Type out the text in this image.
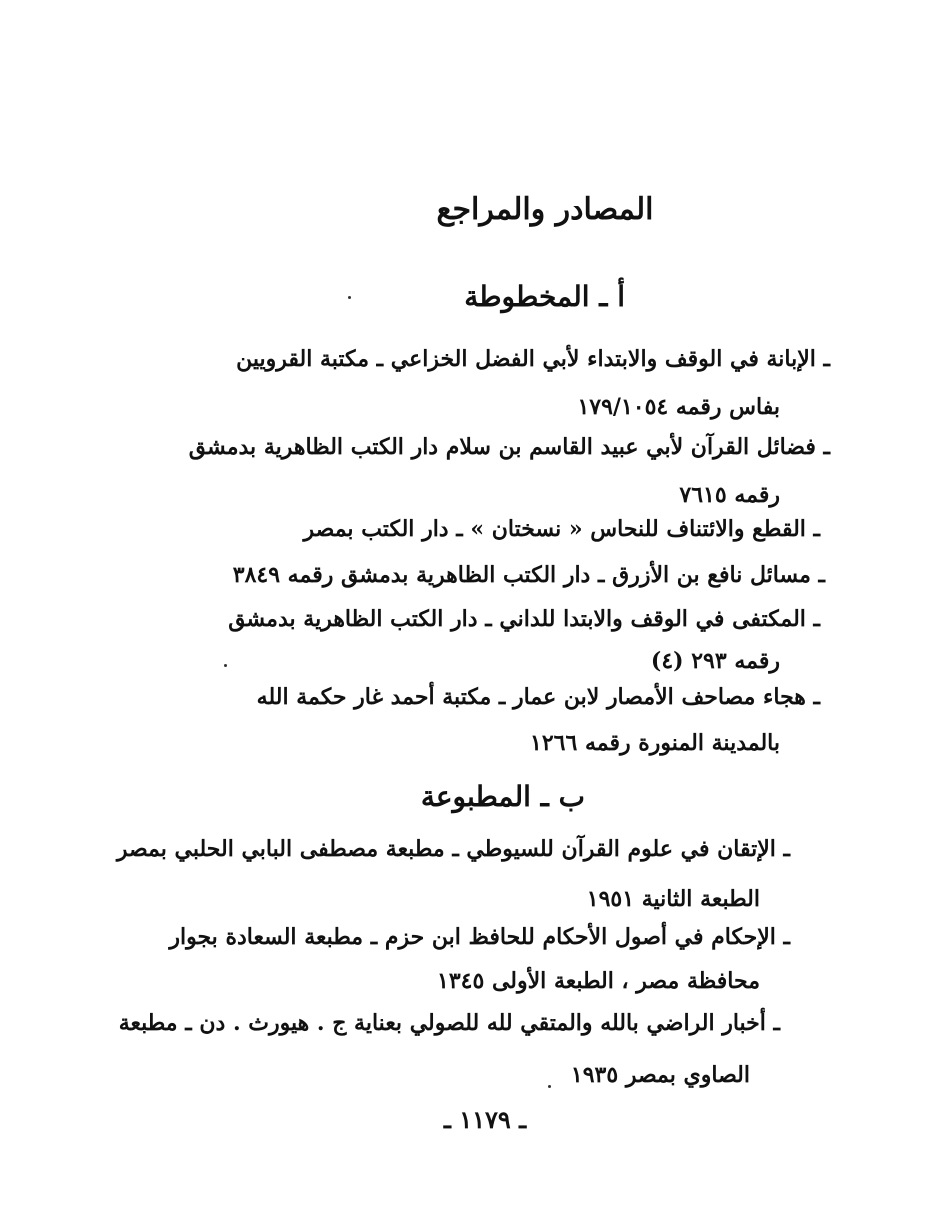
المصادر والمراجع
أ ـ المخطوطة

ـ الإبانة في الوقف والابتداء لأبي الفضل الخزاعي ـ مكتبة القرويين

بفاس رقمه ١٧٩/١٠٥٤

ـ فضائل القرآن لأبي عبيد القاسم بن سلام دار الكتب الظاهرية بدمشق

رقمه ٧٦١٥

ـ القطع والائتناف للنحاس « نسختان » ـ دار الكتب بمصر

ـ مسائل نافع بن الأزرق ـ دار الكتب الظاهرية بدمشق رقمه ٣٨٤٩

ـ المكتفى في الوقف والابتدا للداني ـ دار الكتب الظاهرية بدمشق

رقمه ٢٩٣ (٤)

ـ هجاء مصاحف الأمصار لابن عمار ـ مكتبة أحمد غار حكمة الله

بالمدينة المنورة رقمه ١٢٦٦

ب ـ المطبوعة

ـ الإتقان في علوم القرآن للسيوطي ـ مطبعة مصطفى البابي الحلبي بمصر

الطبعة الثانية ١٩٥١

ـ الإحكام في أصول الأحكام للحافظ ابن حزم ـ مطبعة السعادة بجوار

محافظة مصر ، الطبعة الأولى ١٣٤٥

ـ أخبار الراضي بالله والمتقي لله للصولي بعناية ج . هيورث . دن ـ مطبعة

الصاوي بمصر ١٩٣٥

ـ ١١٧٩ ـ
